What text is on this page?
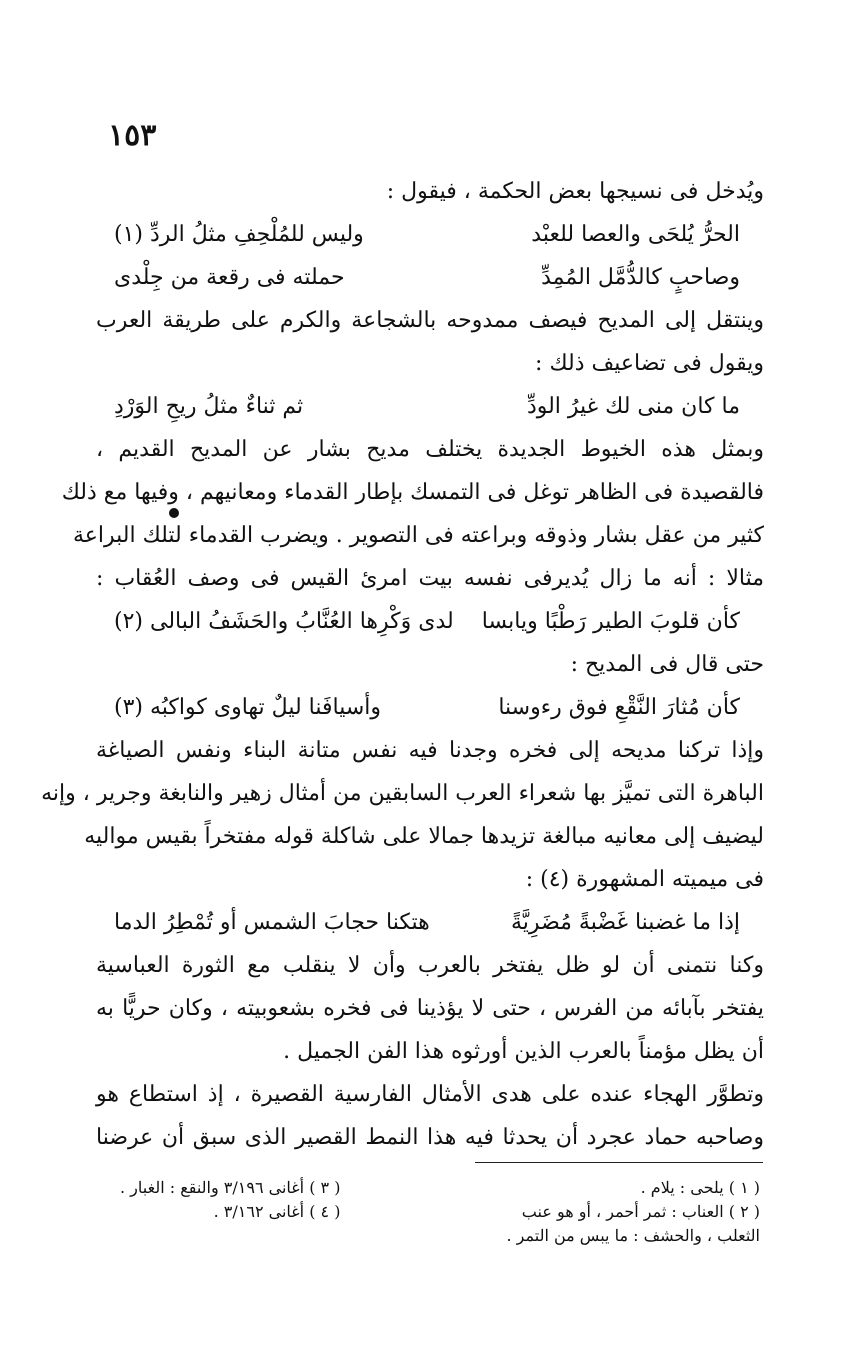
١٥٣
ويُدخل فى نسيجها بعض الحكمة ، فيقول :
الحرُّ يُلحَى والعصا للعبْد
وليس للمُلْحِفِ مثلُ الردِّ (١)
وصاحبٍ كالدُّمَّل المُمِدِّ
حملته فى رقعة من جِلْدى
وينتقل إلى المديح فيصف ممدوحه بالشجاعة والكرم على طريقة العرب
ويقول فى تضاعيف ذلك :
ما كان منى لك غيرُ الودِّ
ثم ثناءٌ مثلُ ريحِ الوَرْدِ
وبمثل هذه الخيوط الجديدة يختلف مديح بشار عن المديح القديم ،
فالقصيدة فى الظاهر توغل فى التمسك بإطار القدماء ومعانيهم ، وفيها مع ذلك
كثير من عقل بشار وذوقه وبراعته فى التصوير . ويضرب القدماء لتلك البراعة
مثالا : أنه ما زال يُديرفى نفسه بيت امرئ القيس فى وصف العُقاب :
كأن قلوبَ الطير رَطْبًا ويابسا
لدى وَكْرِها العُنَّابُ والحَشَفُ البالى (٢)
حتى قال فى المديح :
كأن مُثارَ النَّقْعِ فوق رءوسنا
وأسيافَنا ليلٌ تهاوى كواكبُه (٣)
وإذا تركنا مديحه إلى فخره وجدنا فيه نفس متانة البناء ونفس الصياغة
الباهرة التى تميَّز بها شعراء العرب السابقين من أمثال زهير والنابغة وجرير ، وإنه
ليضيف إلى معانيه مبالغة تزيدها جمالا على شاكلة قوله مفتخراً بقيس مواليه
فى ميميته المشهورة (٤) :
إذا ما غضبنا غَضْبةً مُضَرِيَّةً
هتكنا حجابَ الشمس أو تُمْطِرُ الدما
وكنا نتمنى أن لو ظل يفتخر بالعرب وأن لا ينقلب مع الثورة العباسية
يفتخر بآبائه من الفرس ، حتى لا يؤذينا فى فخره بشعوبيته ، وكان حريًّا به
أن يظل مؤمناً بالعرب الذين أورثوه هذا الفن الجميل .
وتطوَّر الهجاء عنده على هدى الأمثال الفارسية القصيرة ، إذ استطاع هو
وصاحبه حماد عجرد أن يحدثا فيه هذا النمط القصير الذى سبق أن عرضنا
( ١ ) يلحى : يلام .
( ٢ ) العناب : ثمر أحمر ، أو هو عنب
الثعلب ، والحشف : ما يبس من التمر .
( ٣ ) أغانى ٣/١٩٦ والنقع : الغبار .
( ٤ ) أغانى ٣/١٦٢ .
